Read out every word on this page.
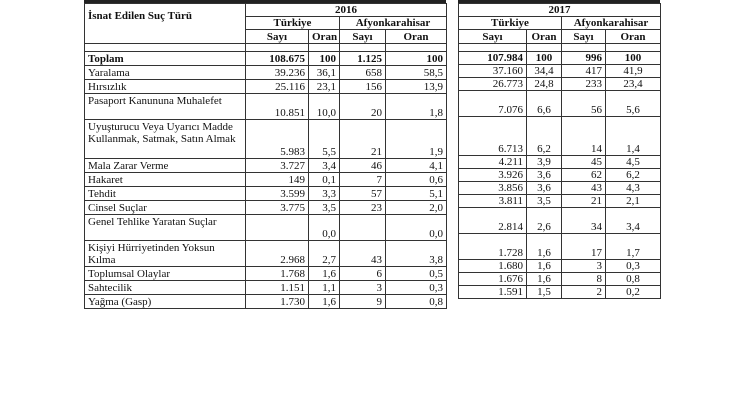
İsnat Edilen Suç Türü	2016			
	Türkiye		Afyonkarahisar	
	Sayı	Oran	Sayı	Oran

Toplam	108.675	100	1.125	100
Yaralama	39.236	36,1	658	58,5
Hırsızlık	25.116	23,1	156	13,9
Pasaport Kanununa Muhalefet	10.851	10,0	20	1,8
Uyuşturucu Veya Uyarıcı Madde Kullanmak, Satmak, Satın Almak	5.983	5,5	21	1,9
Mala Zarar Verme	3.727	3,4	46	4,1
Hakaret	149	0,1	7	0,6
Tehdit	3.599	3,3	57	5,1
Cinsel Suçlar	3.775	3,5	23	2,0
Genel Tehlike Yaratan Suçlar		0,0		0,0
Kişiyi Hürriyetinden Yoksun Kılma	2.968	2,7	43	3,8
Toplumsal Olaylar	1.768	1,6	6	0,5
Sahtecilik	1.151	1,1	3	0,3
Yağma (Gasp)	1.730	1,6	9	0,8
2017			
Türkiye		Afyonkarahisar	
Sayı	Oran	Sayı	Oran

107.984	100	996	100
37.160	34,4	417	41,9
26.773	24,8	233	23,4
7.076	6,6	56	5,6
6.713	6,2	14	1,4
4.211	3,9	45	4,5
3.926	3,6	62	6,2
3.856	3,6	43	4,3
3.811	3,5	21	2,1
2.814	2,6	34	3,4
1.728	1,6	17	1,7
1.680	1,6	3	0,3
1.676	1,6	8	0,8
1.591	1,5	2	0,2
